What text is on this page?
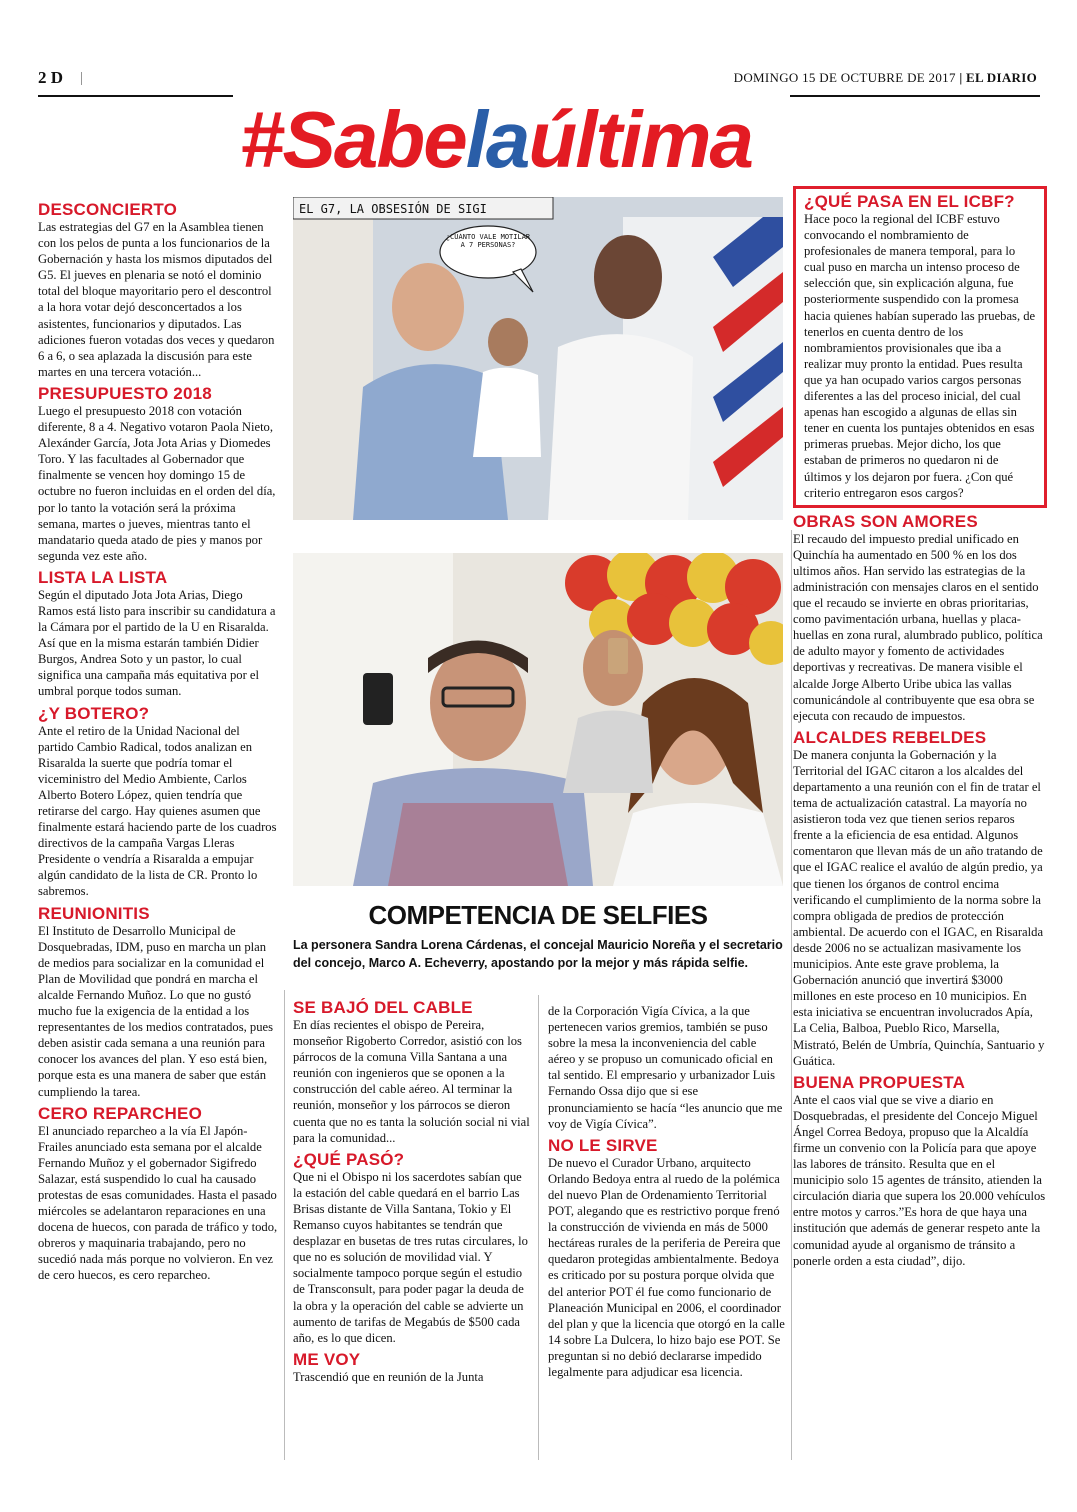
2 D |	DOMINGO 15 DE OCTUBRE DE 2017 | EL DIARIO
#Sabelaúltima
DESCONCIERTO

Las estrategias del G7 en la Asamblea tienen con los pelos de punta a los funcionarios de la Gobernación y hasta los mismos diputados del G5. El jueves en plenaria se notó el dominio total del bloque mayoritario pero el descontrol a la hora votar dejó desconcertados a los asistentes, funcionarios y diputados. Las adiciones fueron votadas dos veces y quedaron 6 a 6, o sea aplazada la discusión para este martes en una tercera votación...

PRESUPUESTO 2018

Luego el presupuesto 2018 con votación diferente, 8 a 4. Negativo votaron Paola Nieto, Alexánder García, Jota Jota Arias y Diomedes Toro. Y las facultades al Gobernador que finalmente se vencen hoy domingo 15 de octubre no fueron incluidas en el orden del día, por lo tanto la votación será la próxima semana, martes o jueves, mientras tanto el mandatario queda atado de pies y manos por segunda vez este año.

LISTA LA LISTA

Según el diputado Jota Jota Arias, Diego Ramos está listo para inscribir su candidatura a la Cámara por el partido de la U en Risaralda. Así que en la misma estarán también Didier Burgos, Andrea Soto y un pastor, lo cual significa una campaña más equitativa por el umbral porque todos suman.

¿Y BOTERO?

Ante el retiro de la Unidad Nacional del partido Cambio Radical, todos analizan en Risaralda la suerte que podría tomar el viceministro del Medio Ambiente, Carlos Alberto Botero López, quien tendría que retirarse del cargo. Hay quienes asumen que finalmente estará haciendo parte de los cuadros directivos de la campaña Vargas Lleras Presidente o vendría a Risaralda a empujar algún candidato de la lista de CR. Pronto lo sabremos.

REUNIONITIS

El Instituto de Desarrollo Municipal de Dosquebradas, IDM, puso en marcha un plan de medios para socializar en la comunidad el Plan de Movilidad que pondrá en marcha el alcalde Fernando Muñoz. Lo que no gustó mucho fue la exigencia de la entidad a los representantes de los medios contratados, pues deben asistir cada semana a una reunión para conocer los avances del plan. Y eso está bien, porque esta es una manera de saber que están cumpliendo la tarea.

CERO REPARCHEO

El anunciado reparcheo a la vía El Japón-Frailes anunciado esta semana por el alcalde Fernando Muñoz y el gobernador Sigifredo Salazar, está suspendido lo cual ha causado protestas de esas comunidades. Hasta el pasado miércoles se adelantaron reparaciones en una docena de huecos, con parada de tráfico y todo, obreros y maquinaria trabajando, pero no sucedió nada más porque no volvieron. En vez de cero huecos, es cero reparcheo.

EL G7, LA OBSESIÓN DE SIGI
¿CUÁNTO VALE MOTILAR A 7 PERSONAS?
COMPETENCIA DE SELFIES
La personera Sandra Lorena Cárdenas, el concejal Mauricio Noreña y el secretario del concejo, Marco A. Echeverry, apostando por la mejor y más rápida selfie.
SE BAJÓ DEL CABLE

En días recientes el obispo de Pereira, monseñor Rigoberto Corredor, asistió con los párrocos de la comuna Villa Santana a una reunión con ingenieros que se oponen a la construcción del cable aéreo. Al terminar la reunión, monseñor y los párrocos se dieron cuenta que no es tanta la solución social ni vial para la comunidad...

¿QUÉ PASÓ?

Que ni el Obispo ni los sacerdotes sabían que la estación del cable quedará en el barrio Las Brisas distante de Villa Santana, Tokio y El Remanso cuyos habitantes se tendrán que desplazar en busetas de tres rutas circulares, lo que no es solución de movilidad vial. Y socialmente tampoco porque según el estudio de Transconsult, para poder pagar la deuda de la obra y la operación del cable se advierte un aumento de tarifas de Megabús de $500 cada año, es lo que dicen.

ME VOY

Trascendió que en reunión de la Junta

de la Corporación Vigía Cívica, a la que pertenecen varios gremios, también se puso sobre la mesa la inconveniencia del cable aéreo y se propuso un comunicado oficial en tal sentido. El empresario y urbanizador Luis Fernando Ossa dijo que si ese pronunciamiento se hacía “les anuncio que me voy de Vigía Cívica”.

NO LE SIRVE

De nuevo el Curador Urbano, arquitecto Orlando Bedoya entra al ruedo de la polémica del nuevo Plan de Ordenamiento Territorial POT, alegando que es restrictivo porque frenó la construcción de vivienda en más de 5000 hectáreas rurales de la periferia de Pereira que quedaron protegidas ambientalmente. Bedoya es criticado por su postura porque olvida que del anterior POT él fue como funcionario de Planeación Municipal en 2006, el coordinador del plan y que la licencia que otorgó en la calle 14 sobre La Dulcera, lo hizo bajo ese POT. Se preguntan si no debió declararse impedido legalmente para adjudicar esa licencia.

¿QUÉ PASA EN EL ICBF?

Hace poco la regional del ICBF estuvo convocando el nombramiento de profesionales de manera temporal, para lo cual puso en marcha un intenso proceso de selección que, sin explicación alguna, fue posteriormente suspendido con la promesa hacia quienes habían superado las pruebas, de tenerlos en cuenta dentro de los nombramientos provisionales que iba a realizar muy pronto la entidad. Pues resulta que ya han ocupado varios cargos personas diferentes a las del proceso inicial, del cual apenas han escogido a algunas de ellas sin tener en cuenta los puntajes obtenidos en esas primeras pruebas. Mejor dicho, los que estaban de primeros no quedaron ni de últimos y los dejaron por fuera. ¿Con qué criterio entregaron esos cargos?

OBRAS SON AMORES

El recaudo del impuesto predial unificado en Quinchía ha aumentado en 500 % en los dos ultimos años. Han servido las estrategias de la administración con mensajes claros en el sentido que el recaudo se invierte en obras prioritarias, como pavimentación urbana, huellas y placa-huellas en zona rural, alumbrado publico, política de adulto mayor y fomento de actividades deportivas y recreativas. De manera visible el alcalde Jorge Alberto Uribe ubica las vallas comunicándole al contribuyente que esa obra se ejecuta con recaudo de impuestos.

ALCALDES REBELDES

De manera conjunta la Gobernación y la Territorial del IGAC citaron a los alcaldes del departamento a una reunión con el fin de tratar el tema de actualización catastral. La mayoría no asistieron toda vez que tienen serios reparos frente a la eficiencia de esa entidad. Algunos comentaron que llevan más de un año tratando de que el IGAC realice el avalúo de algún predio, ya que tienen los órganos de control encima verificando el cumplimiento de la norma sobre la compra obligada de predios de protección ambiental. De acuerdo con el IGAC, en Risaralda desde 2006 no se actualizan masivamente los municipios. Ante este grave problema, la Gobernación anunció que invertirá $3000 millones en este proceso en 10 municipios. En esta iniciativa se encuentran involucrados Apía, La Celia, Balboa, Pueblo Rico, Marsella, Mistrató, Belén de Umbría, Quinchía, Santuario y Guática.

BUENA PROPUESTA

Ante el caos vial que se vive a diario en Dosquebradas, el presidente del Concejo Miguel Ángel Correa Bedoya, propuso que la Alcaldía firme un convenio con la Policía para que apoye las labores de tránsito. Resulta que en el municipio solo 15 agentes de tránsito, atienden la circulación diaria que supera los 20.000 vehículos entre motos y carros.”Es hora de que haya una institución que además de generar respeto ante la comunidad ayude al organismo de tránsito a ponerle orden a esta ciudad”, dijo.
